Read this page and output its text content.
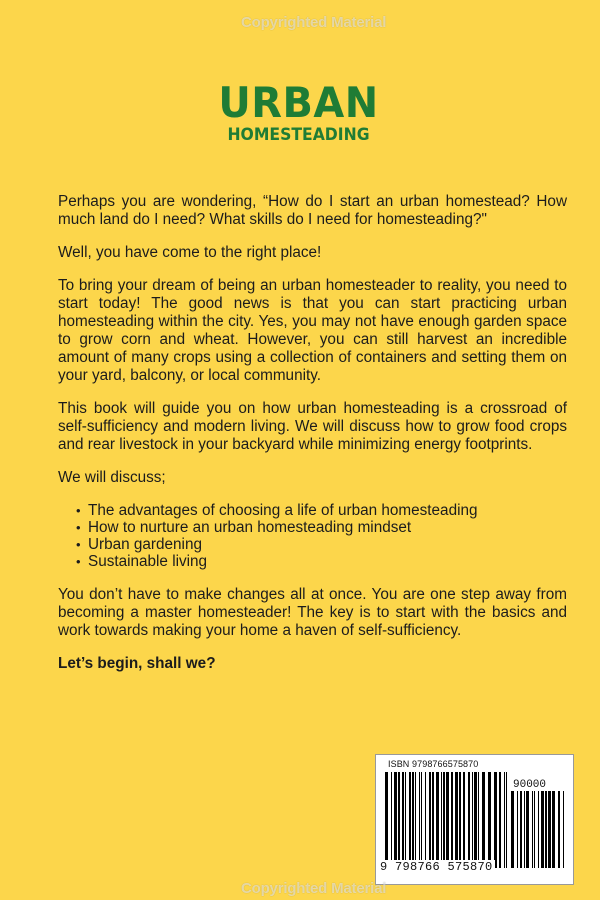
Copyrighted Material
URBAN
HOMESTEADING

Perhaps you are wondering, “How do I start an urban homestead? How much land do I need? What skills do I need for homesteading?"

Well, you have come to the right place!

To bring your dream of being an urban homesteader to reality, you need to start today! The good news is that you can start practicing urban homesteading within the city. Yes, you may not have enough garden space to grow corn and wheat. However, you can still harvest an incredible amount of many crops using a collection of containers and setting them on your yard, balcony, or local community.

This book will guide you on how urban homesteading is a crossroad of self-sufficiency and modern living. We will discuss how to grow food crops and rear livestock in your backyard while minimizing energy footprints.

We will discuss;

• The advantages of choosing a life of urban homesteading
• How to nurture an urban homesteading mindset
• Urban gardening
• Sustainable living

You don’t have to make changes all at once. You are one step away from becoming a master homesteader! The key is to start with the basics and work towards making your home a haven of self-sufficiency.

Let’s begin, shall we?

ISBN 9798766575870
90000
9 798766 575870
Copyrighted Material
